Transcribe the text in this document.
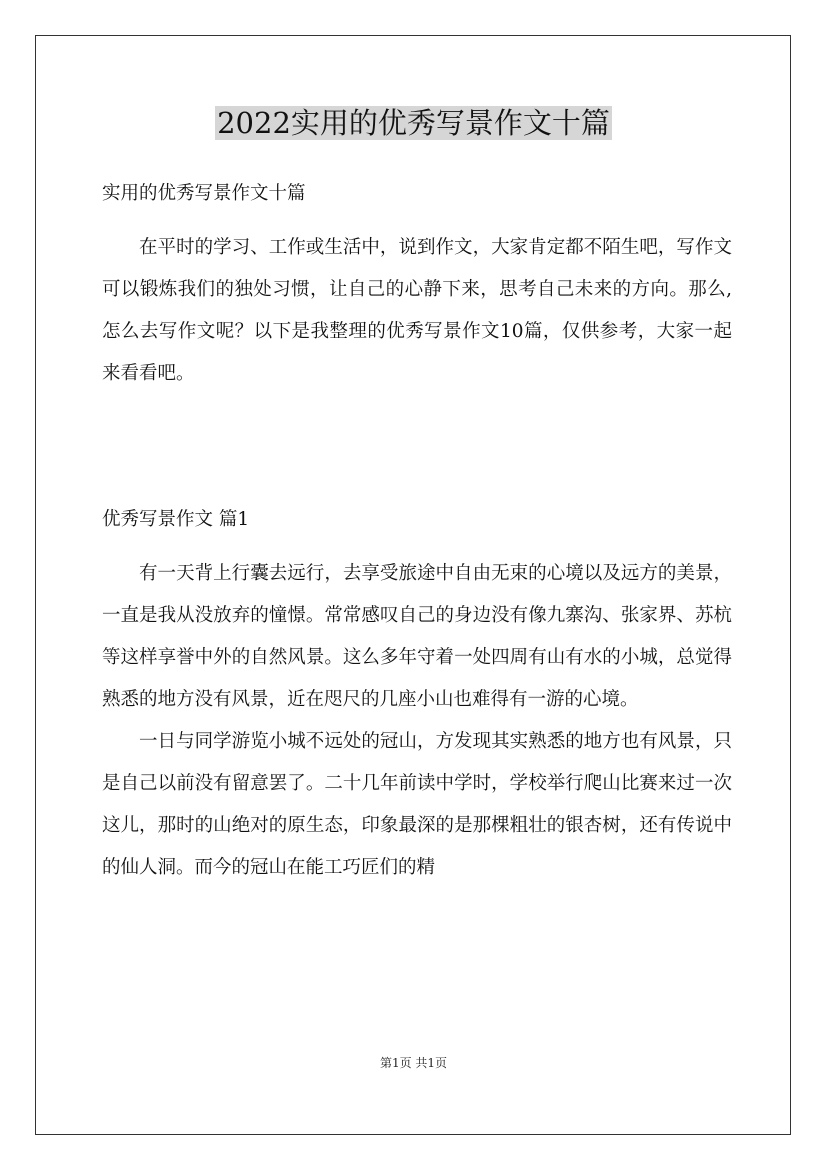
2022实用的优秀写景作文十篇

实用的优秀写景作文十篇

在平时的学习、工作或生活中，说到作文，大家肯定都不陌生吧，写作文可以锻炼我们的独处习惯，让自己的心静下来，思考自己未来的方向。那么,怎么去写作文呢？以下是我整理的优秀写景作文10篇，仅供参考，大家一起来看看吧。

优秀写景作文 篇1

有一天背上行囊去远行，去享受旅途中自由无束的心境以及远方的美景，一直是我从没放弃的憧憬。常常感叹自己的身边没有像九寨沟、张家界、苏杭等这样享誉中外的自然风景。这么多年守着一处四周有山有水的小城，总觉得熟悉的地方没有风景，近在咫尺的几座小山也难得有一游的心境。

一日与同学游览小城不远处的冠山，方发现其实熟悉的地方也有风景，只是自己以前没有留意罢了。二十几年前读中学时，学校举行爬山比赛来过一次这儿，那时的山绝对的原生态，印象最深的是那棵粗壮的银杏树，还有传说中的仙人洞。而今的冠山在能工巧匠们的精

第1页 共1页
